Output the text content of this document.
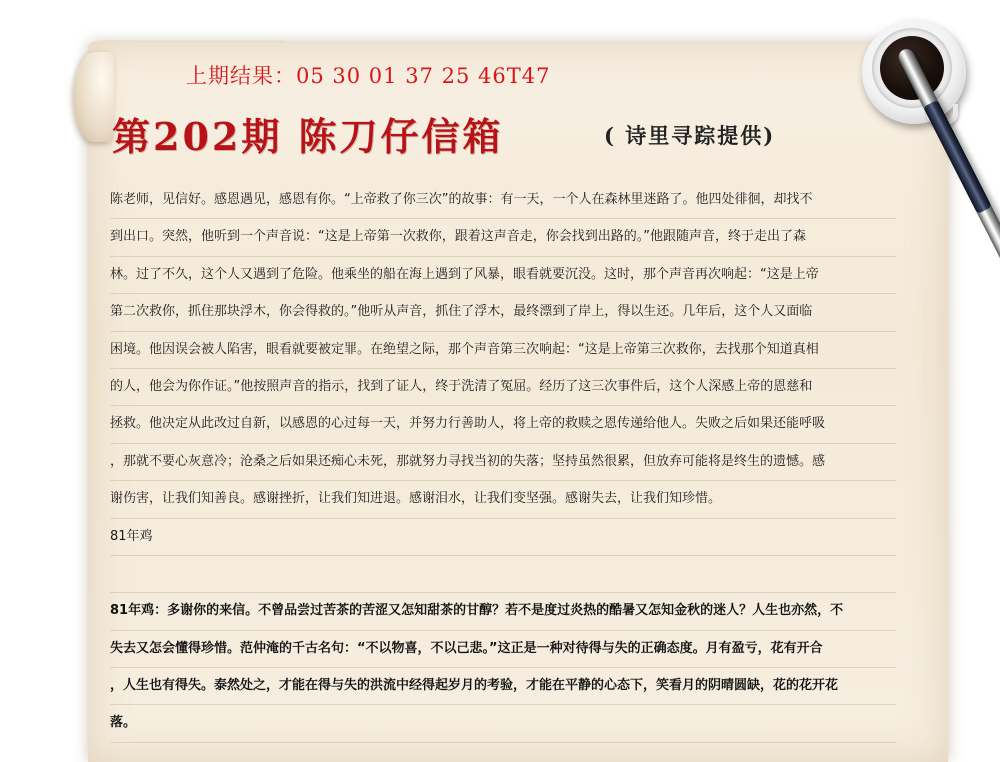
上期结果：05 30 01 37 25 46T47
第202期 陈刀仔信箱	( 诗里寻踪提供)
陈老师，见信好。感恩遇见，感恩有你。“上帝救了你三次”的故事：有一天，一个人在森林里迷路了。他四处徘徊，却找不
到出口。突然，他听到一个声音说：“这是上帝第一次救你，跟着这声音走，你会找到出路的。”他跟随声音，终于走出了森
林。过了不久，这个人又遇到了危险。他乘坐的船在海上遇到了风暴，眼看就要沉没。这时，那个声音再次响起：“这是上帝
第二次救你，抓住那块浮木，你会得救的。”他听从声音，抓住了浮木，最终漂到了岸上，得以生还。几年后，这个人又面临
困境。他因误会被人陷害，眼看就要被定罪。在绝望之际，那个声音第三次响起：“这是上帝第三次救你，去找那个知道真相
的人，他会为你作证。”他按照声音的指示，找到了证人，终于洗清了冤屈。经历了这三次事件后，这个人深感上帝的恩慈和
拯救。他决定从此改过自新，以感恩的心过每一天，并努力行善助人，将上帝的救赎之恩传递给他人。失败之后如果还能呼吸
，那就不要心灰意冷；沧桑之后如果还痴心未死，那就努力寻找当初的失落；坚持虽然很累，但放弃可能将是终生的遗憾。感
谢伤害，让我们知善良。感谢挫折，让我们知进退。感谢泪水，让我们变坚强。感谢失去，让我们知珍惜。
81年鸡
81年鸡：多谢你的来信。不曾品尝过苦茶的苦涩又怎知甜茶的甘醇？若不是度过炎热的酷暑又怎知金秋的迷人？人生也亦然，不
失去又怎会懂得珍惜。范仲淹的千古名句：“不以物喜，不以己悲。”这正是一种对待得与失的正确态度。月有盈亏，花有开合
，人生也有得失。泰然处之，才能在得与失的洪流中经得起岁月的考验，才能在平静的心态下，笑看月的阴晴圆缺，花的花开花
落。
